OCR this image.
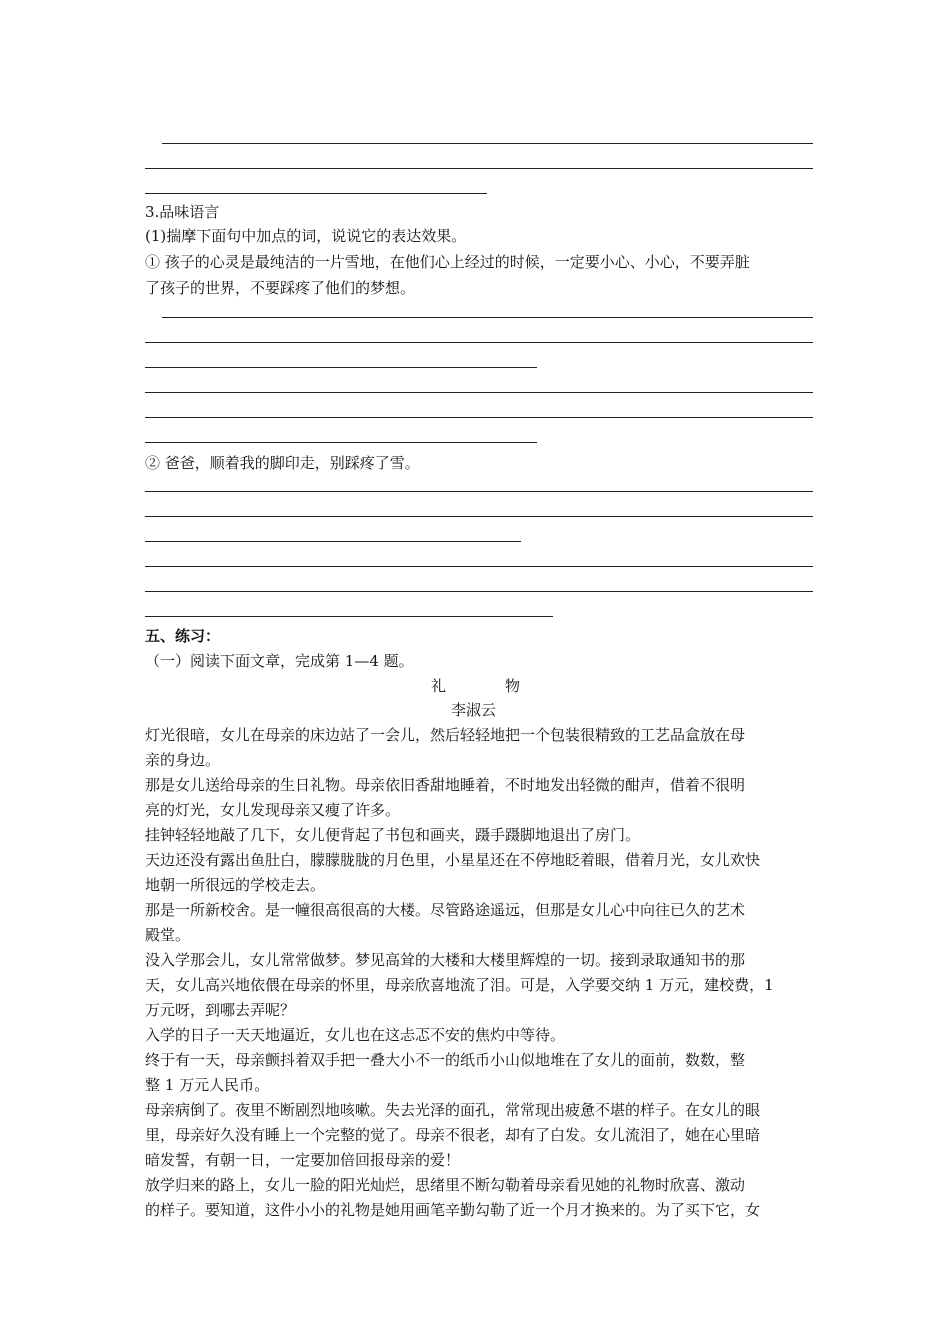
3.品味语言
(1)揣摩下面句中加点的词，说说它的表达效果。
① 孩子的心灵是最纯洁的一片雪地，在他们心上经过的时候，一定要小心、小心，不要弄脏
了孩子的世界，不要踩疼了他们的梦想。
② 爸爸，顺着我的脚印走，别踩疼了雪。
五、练习：
（一）阅读下面文章，完成第 1—4 题。
礼	物
李淑云
灯光很暗，女儿在母亲的床边站了一会儿，然后轻轻地把一个包装很精致的工艺品盒放在母
亲的身边。
那是女儿送给母亲的生日礼物。母亲依旧香甜地睡着，不时地发出轻微的酣声，借着不很明
亮的灯光，女儿发现母亲又瘦了许多。
挂钟轻轻地敲了几下，女儿便背起了书包和画夹，蹑手蹑脚地退出了房门。
天边还没有露出鱼肚白，朦朦胧胧的月色里，小星星还在不停地眨着眼，借着月光，女儿欢快
地朝一所很远的学校走去。
那是一所新校舍。是一幢很高很高的大楼。尽管路途遥远，但那是女儿心中向往已久的艺术
殿堂。
没入学那会儿，女儿常常做梦。梦见高耸的大楼和大楼里辉煌的一切。接到录取通知书的那
天，女儿高兴地依偎在母亲的怀里，母亲欣喜地流了泪。可是，入学要交纳 1 万元，建校费，1
万元呀，到哪去弄呢？
入学的日子一天天地逼近，女儿也在这忐忑不安的焦灼中等待。
终于有一天，母亲颤抖着双手把一叠大小不一的纸币小山似地堆在了女儿的面前，数数，整
整 1 万元人民币。
母亲病倒了。夜里不断剧烈地咳嗽。失去光泽的面孔，常常现出疲惫不堪的样子。在女儿的眼
里，母亲好久没有睡上一个完整的觉了。母亲不很老，却有了白发。女儿流泪了，她在心里暗
暗发誓，有朝一日，一定要加倍回报母亲的爱！
放学归来的路上，女儿一脸的阳光灿烂，思绪里不断勾勒着母亲看见她的礼物时欣喜、激动
的样子。要知道，这件小小的礼物是她用画笔辛勤勾勒了近一个月才换来的。为了买下它，女
